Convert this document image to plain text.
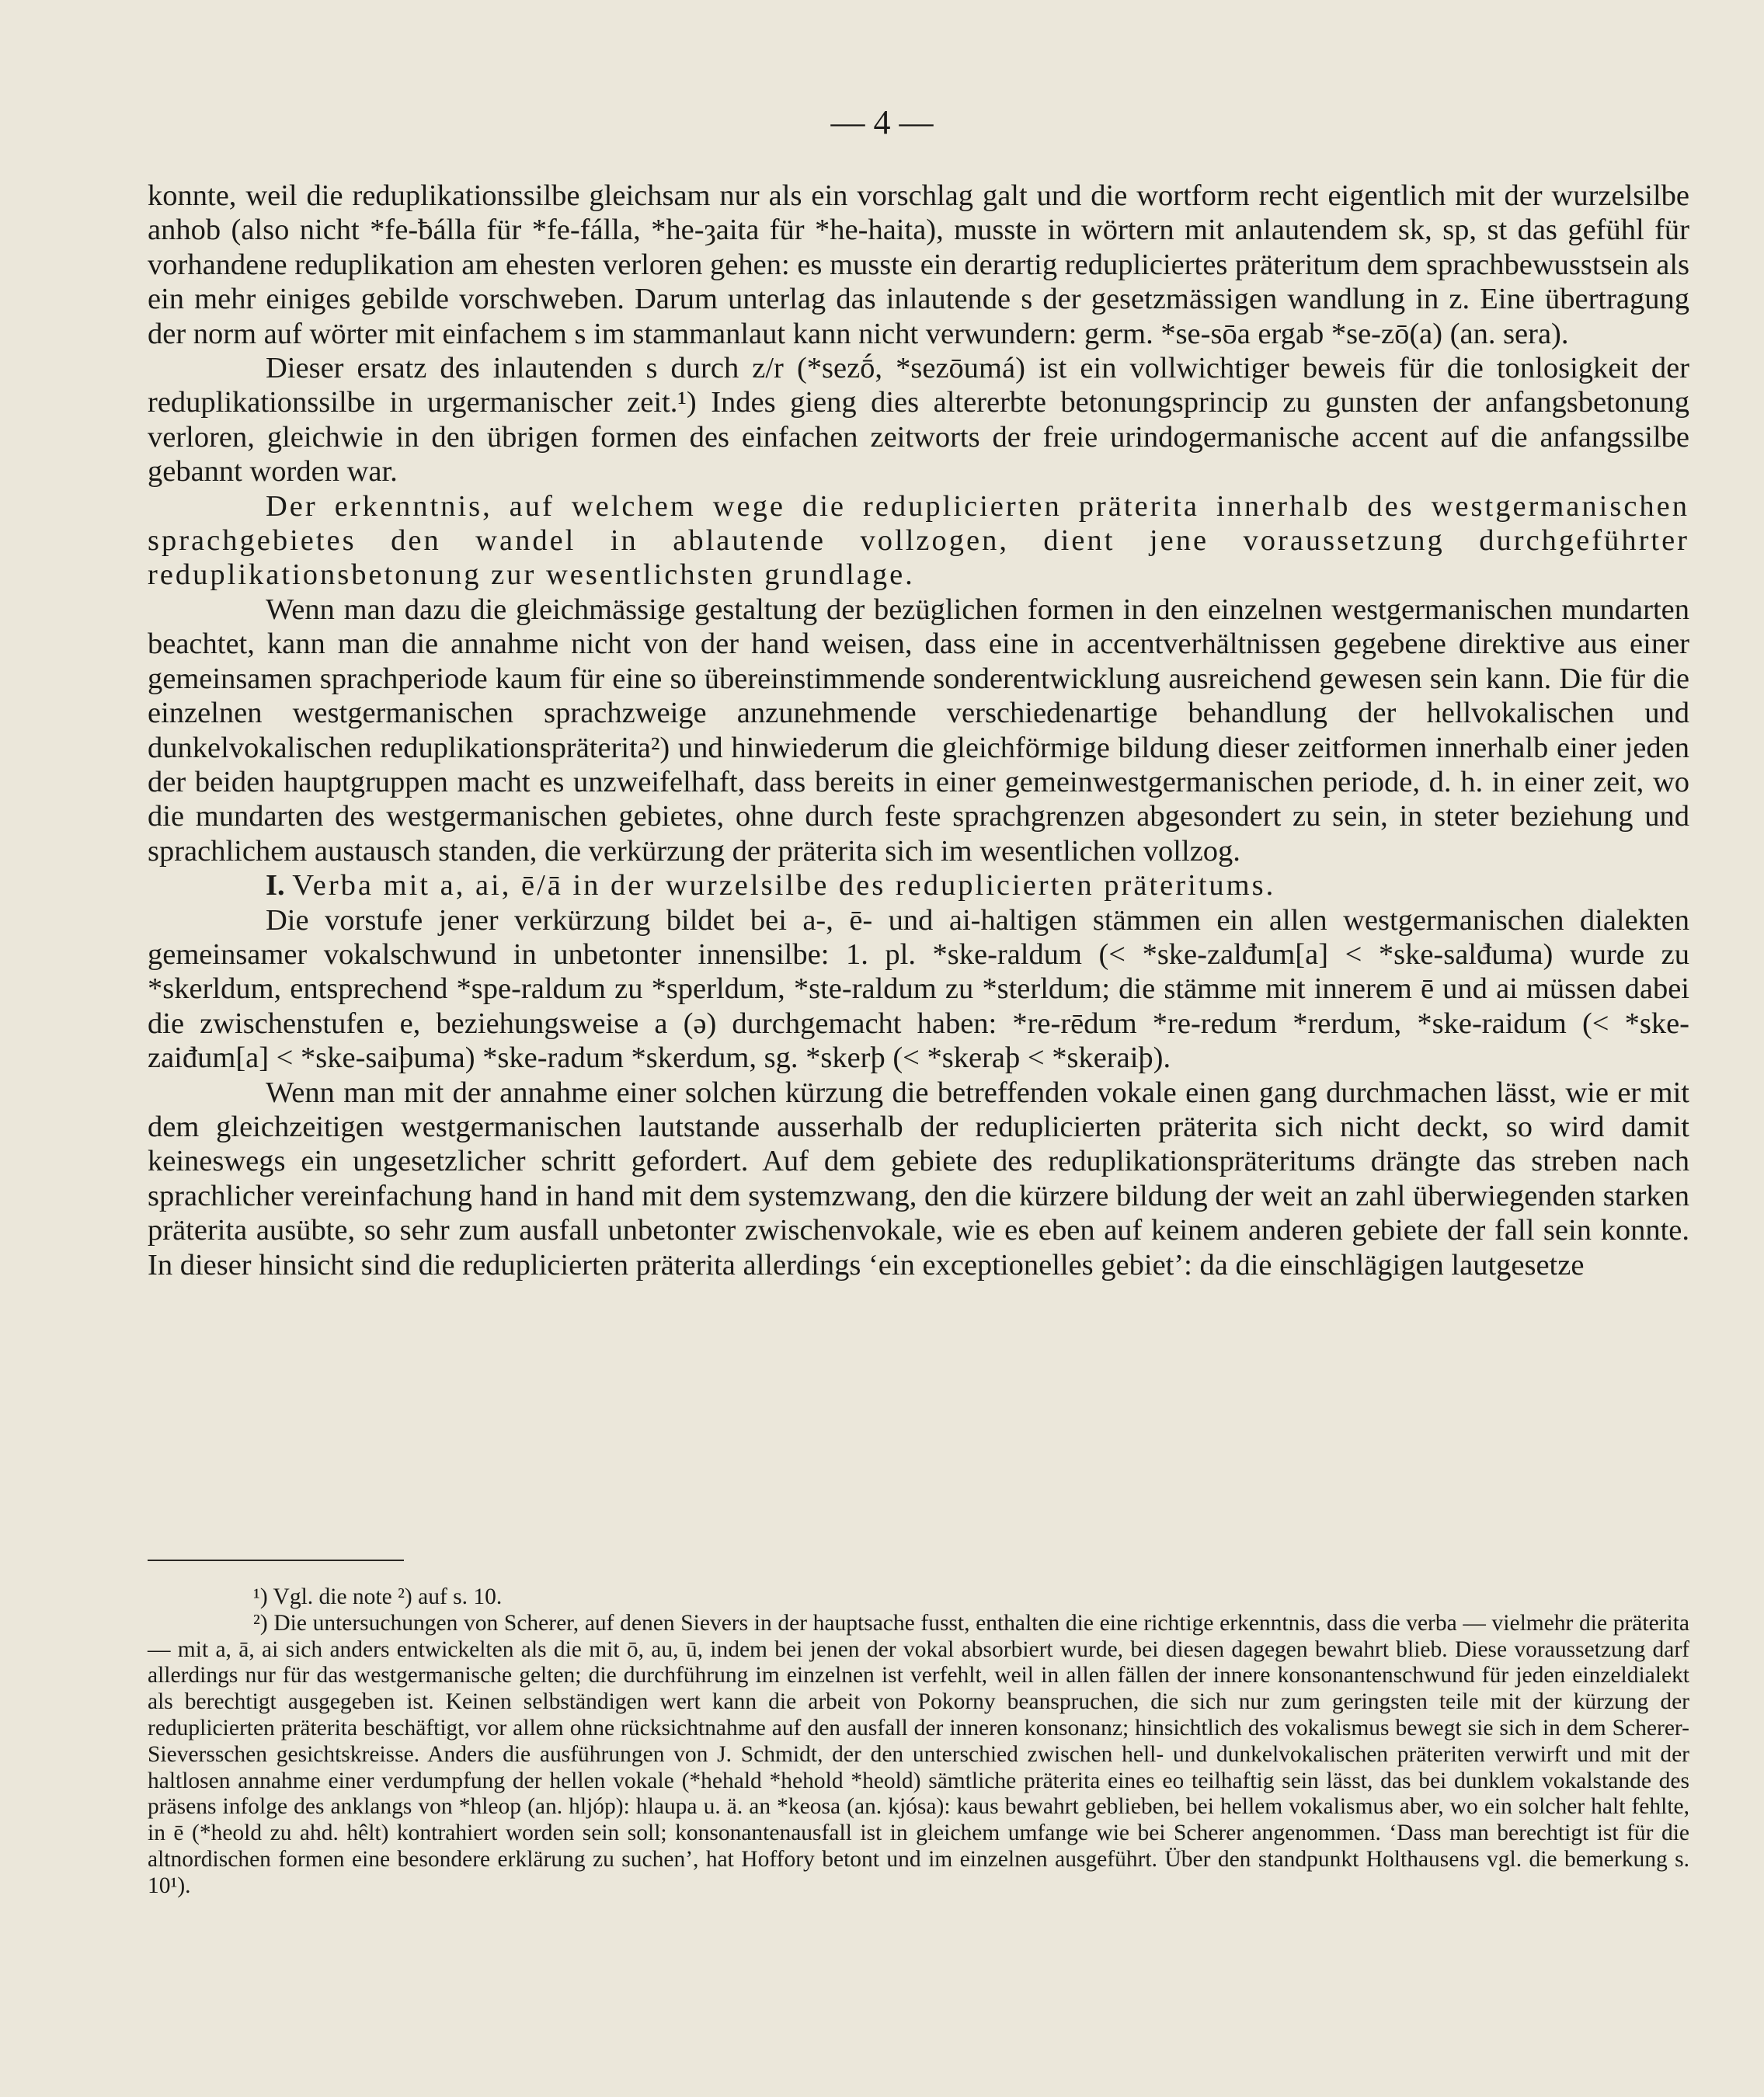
— 4 —

konnte, weil die reduplikationssilbe gleichsam nur als ein vorschlag galt und die wortform recht eigentlich mit der wurzelsilbe anhob (also nicht *fe-ƀálla für *fe-fálla, *he-ȝaita für *he-haita), musste in wörtern mit anlautendem sk, sp, st das gefühl für vorhandene reduplikation am ehesten verloren gehen: es musste ein derartig redupliciertes präteritum dem sprachbewusstsein als ein mehr einiges gebilde vorschweben. Darum unterlag das inlautende s der gesetzmässigen wandlung in z. Eine übertragung der norm auf wörter mit einfachem s im stammanlaut kann nicht verwundern: germ. *se-sōa ergab *se-zō(a) (an. sera).

Dieser ersatz des inlautenden s durch z/r (*sezṓ, *sezōumá) ist ein vollwichtiger beweis für die tonlosigkeit der reduplikationssilbe in urgermanischer zeit.¹) Indes gieng dies altererbte betonungsprincip zu gunsten der anfangsbetonung verloren, gleichwie in den übrigen formen des einfachen zeitworts der freie urindogermanische accent auf die anfangssilbe gebannt worden war.

Der erkenntnis, auf welchem wege die reduplicierten präterita innerhalb des westgermanischen sprachgebietes den wandel in ablautende vollzogen, dient jene voraussetzung durchgeführter reduplikationsbetonung zur wesentlichsten grundlage.

Wenn man dazu die gleichmässige gestaltung der bezüglichen formen in den einzelnen westgermanischen mundarten beachtet, kann man die annahme nicht von der hand weisen, dass eine in accentverhältnissen gegebene direktive aus einer gemeinsamen sprachperiode kaum für eine so übereinstimmende sonderentwicklung ausreichend gewesen sein kann. Die für die einzelnen westgermanischen sprachzweige anzunehmende verschiedenartige behandlung der hellvokalischen und dunkelvokalischen reduplikationspräterita²) und hinwiederum die gleichförmige bildung dieser zeitformen innerhalb einer jeden der beiden hauptgruppen macht es unzweifelhaft, dass bereits in einer gemeinwestgermanischen periode, d. h. in einer zeit, wo die mundarten des westgermanischen gebietes, ohne durch feste sprachgrenzen abgesondert zu sein, in steter beziehung und sprachlichem austausch standen, die verkürzung der präterita sich im wesentlichen vollzog.

I. Verba mit a, ai, ē/ā in der wurzelsilbe des reduplicierten präteritums.

Die vorstufe jener verkürzung bildet bei a-, ē- und ai-haltigen stämmen ein allen westgermanischen dialekten gemeinsamer vokalschwund in unbetonter innensilbe: 1. pl. *ske-raldum (< *ske-zalđum[a] < *ske-salđuma) wurde zu *skerldum, entsprechend *spe-raldum zu *sperldum, *ste-raldum zu *sterldum; die stämme mit innerem ē und ai müssen dabei die zwischenstufen e, beziehungsweise a (ə) durchgemacht haben: *re-rēdum *re-redum *rerdum, *ske-raidum (< *ske-zaiđum[a] < *ske-saiþuma) *ske-radum *skerdum, sg. *skerþ (< *skeraþ < *skeraiþ).

Wenn man mit der annahme einer solchen kürzung die betreffenden vokale einen gang durchmachen lässt, wie er mit dem gleichzeitigen westgermanischen lautstande ausserhalb der reduplicierten präterita sich nicht deckt, so wird damit keineswegs ein ungesetzlicher schritt gefordert. Auf dem gebiete des reduplikationspräteritums drängte das streben nach sprachlicher vereinfachung hand in hand mit dem systemzwang, den die kürzere bildung der weit an zahl überwiegenden starken präterita ausübte, so sehr zum ausfall unbetonter zwischenvokale, wie es eben auf keinem anderen gebiete der fall sein konnte. In dieser hinsicht sind die reduplicierten präterita allerdings ‘ein exceptionelles gebiet’: da die einschlägigen lautgesetze

¹) Vgl. die note ²) auf s. 10.

²) Die untersuchungen von Scherer, auf denen Sievers in der hauptsache fusst, enthalten die eine richtige erkenntnis, dass die verba — vielmehr die präterita — mit a, ā, ai sich anders entwickelten als die mit ō, au, ū, indem bei jenen der vokal absorbiert wurde, bei diesen dagegen bewahrt blieb. Diese voraussetzung darf allerdings nur für das westgermanische gelten; die durchführung im einzelnen ist verfehlt, weil in allen fällen der innere konsonantenschwund für jeden einzeldialekt als berechtigt ausgegeben ist. Keinen selbständigen wert kann die arbeit von Pokorny beanspruchen, die sich nur zum geringsten teile mit der kürzung der reduplicierten präterita beschäftigt, vor allem ohne rücksichtnahme auf den ausfall der inneren konsonanz; hinsichtlich des vokalismus bewegt sie sich in dem Scherer-Sieversschen gesichtskreisse. Anders die ausführungen von J. Schmidt, der den unterschied zwischen hell- und dunkelvokalischen präteriten verwirft und mit der haltlosen annahme einer verdumpfung der hellen vokale (*hehald *hehold *heold) sämtliche präterita eines eo teilhaftig sein lässt, das bei dunklem vokalstande des präsens infolge des anklangs von *hleop (an. hljóp): hlaupa u. ä. an *keosa (an. kjósa): kaus bewahrt geblieben, bei hellem vokalismus aber, wo ein solcher halt fehlte, in ē (*heold zu ahd. hêlt) kontrahiert worden sein soll; konsonantenausfall ist in gleichem umfange wie bei Scherer angenommen. ‘Dass man berechtigt ist für die altnordischen formen eine besondere erklärung zu suchen’, hat Hoffory betont und im einzelnen ausgeführt. Über den standpunkt Holthausens vgl. die bemerkung s. 10¹).
